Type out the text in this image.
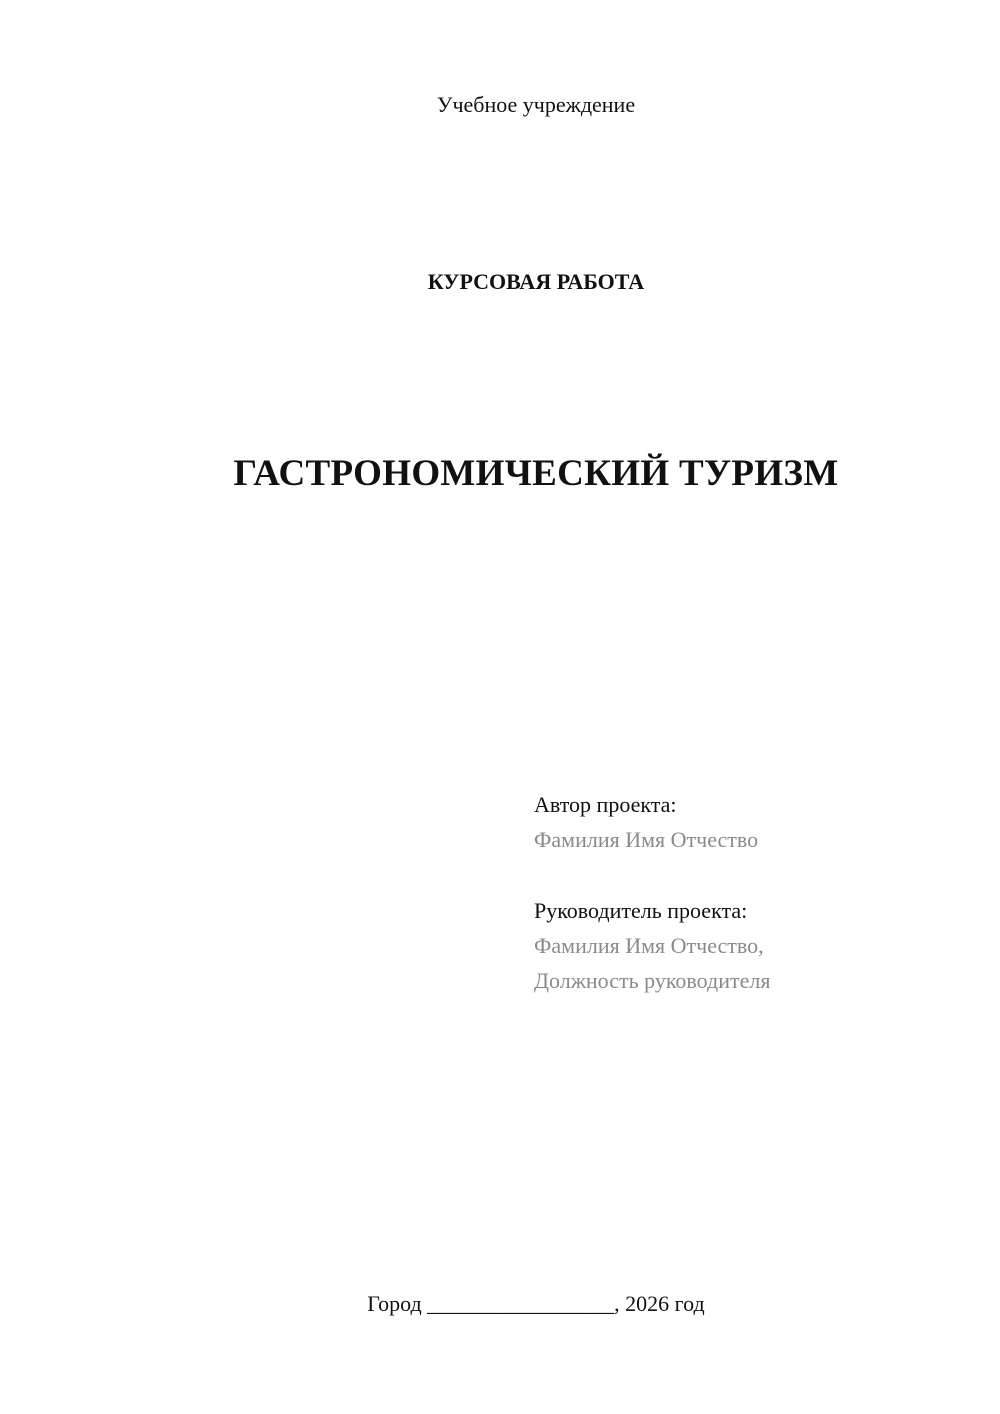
Учебное учреждение
КУРСОВАЯ РАБОТА
ГАСТРОНОМИЧЕСКИЙ ТУРИЗМ
Автор проекта:
Фамилия Имя Отчество
Руководитель проекта:
Фамилия Имя Отчество,
Должность руководителя
Город _________________, 2026 год
